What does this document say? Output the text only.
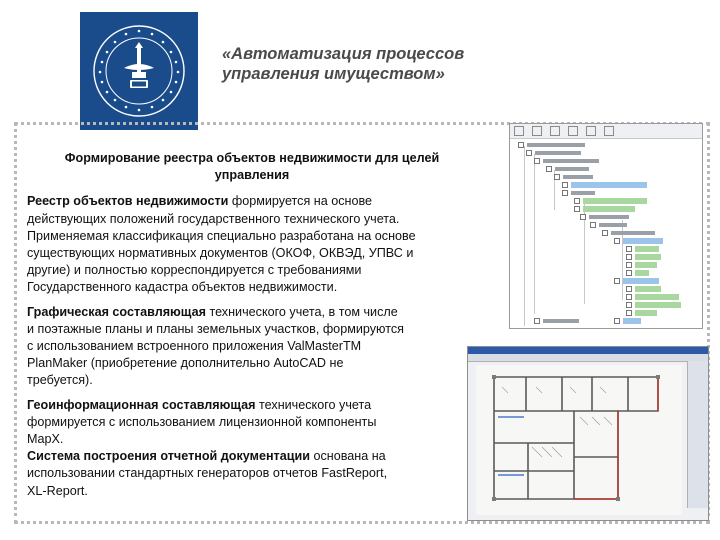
«Автоматизация процессов
управления имуществом»
Формирование реестра объектов недвижимости для целей
управления
Реестр объектов недвижимости формируется на основе
действующих положений государственного технического учета.
Применяемая классификация специально разработана на основе
существующих нормативных документов (ОКОФ, ОКВЭД, УПВС и
другие) и полностью корреспондируется с требованиями
Государственного кадастра объектов недвижимости.
Графическая составляющая технического учета, в том числе
и поэтажные планы и планы земельных участков, формируются
с использованием встроенного приложения ValMasterTM
PlanMaker (приобретение дополнительно AutoCAD не
требуется).
Геоинформационная составляющая технического учета
формируется с использованием лицензионной компоненты
MapX.
Система построения отчетной документации основана на
использовании стандартных генераторов отчетов FastReport,
XL-Report.
